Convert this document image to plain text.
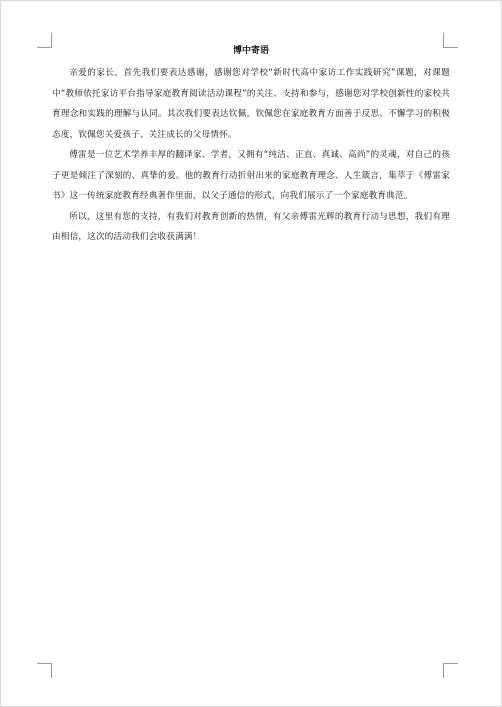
博中寄语

亲爱的家长，首先我们要表达感谢，感谢您对学校“新时代高中家访工作实践研究”课题，对课题中“教师依托家访平台指导家庭教育阅读活动课程”的关注、支持和参与，感谢您对学校创新性的家校共育理念和实践的理解与认同。其次我们要表达钦佩，钦佩您在家庭教育方面善于反思、不懈学习的积极态度，钦佩您关爱孩子、关注成长的父母情怀。

傅雷是一位艺术学养丰厚的翻译家、学者，又拥有“纯洁、正直、真诚、高尚”的灵魂，对自己的孩子更是倾注了深刻的、真挚的爱。他的教育行动折射出来的家庭教育理念、人生箴言，集萃于《傅雷家书》这一传统家庭教育经典著作里面，以父子通信的形式，向我们展示了一个家庭教育典范。

所以，这里有您的支持，有我们对教育创新的热情，有父亲傅雷光辉的教育行动与思想，我们有理由相信，这次的活动我们会收获满满！
